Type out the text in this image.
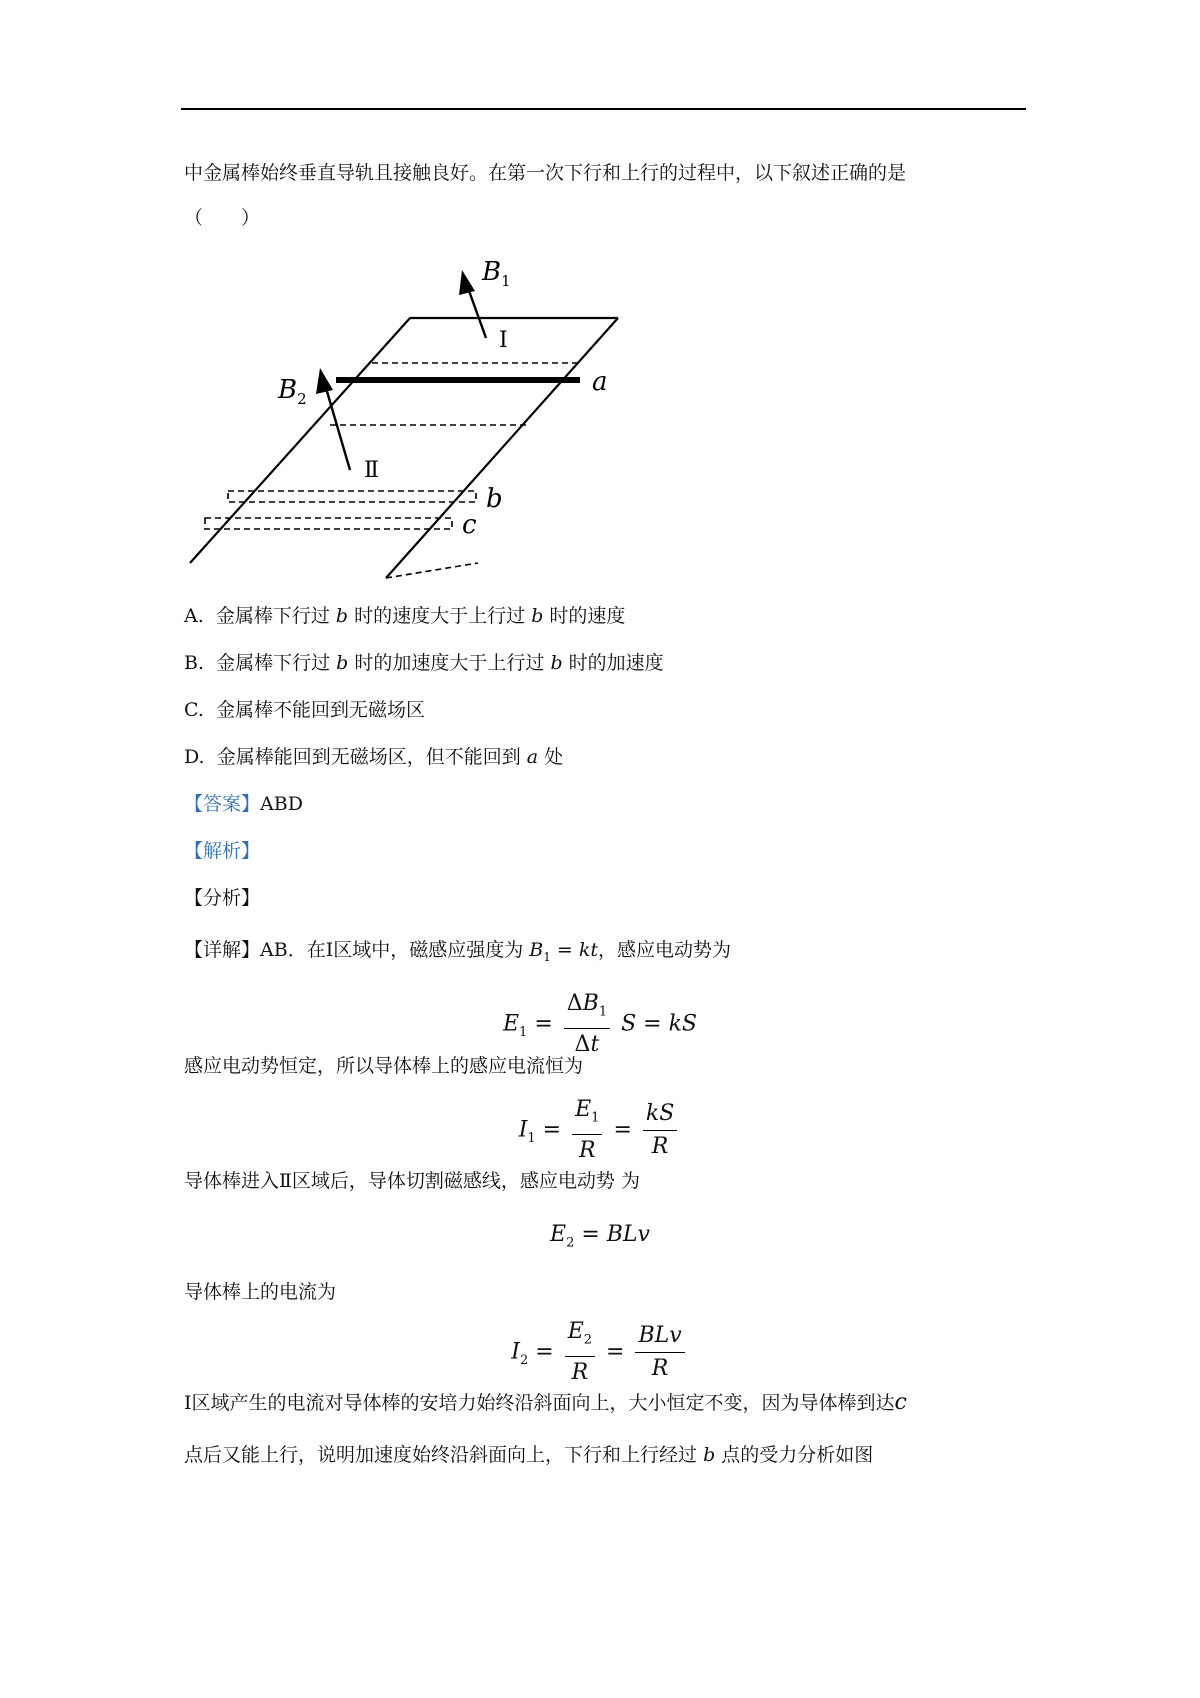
中金属棒始终垂直导轨且接触良好。在第一次下行和上行的过程中，以下叙述正确的是
（　　）
$B_1$
$B_2$
Ⅰ
Ⅱ
a
b
c
A. 金属棒下行过 b 时的速度大于上行过 b 时的速度
B. 金属棒下行过 b 时的加速度大于上行过 b 时的加速度
C. 金属棒不能回到无磁场区
D. 金属棒能回到无磁场区，但不能回到 a 处
【答案】ABD
【解析】
【分析】
【详解】AB．在Ⅰ区域中，磁感应强度为 $B_1$ = kt，感应电动势为
$E_1 = \frac{\Delta B_1}{\Delta t}$ S = kS
感应电动势恒定，所以导体棒上的感应电流恒为
$I_1 = \frac{E_1}{R} = \frac{kS}{R}$
导体棒进入Ⅱ区域后，导体切割磁感线，感应电动势 为
$E_2$ = BLv
导体棒上的电流为
$I_2 = \frac{E_2}{R} = \frac{\text{BLv}}{R}$
Ⅰ区域产生的电流对导体棒的安培力始终沿斜面向上，大小恒定不变，因为导体棒到达c
点后又能上行，说明加速度始终沿斜面向上，下行和上行经过 b 点的受力分析如图
